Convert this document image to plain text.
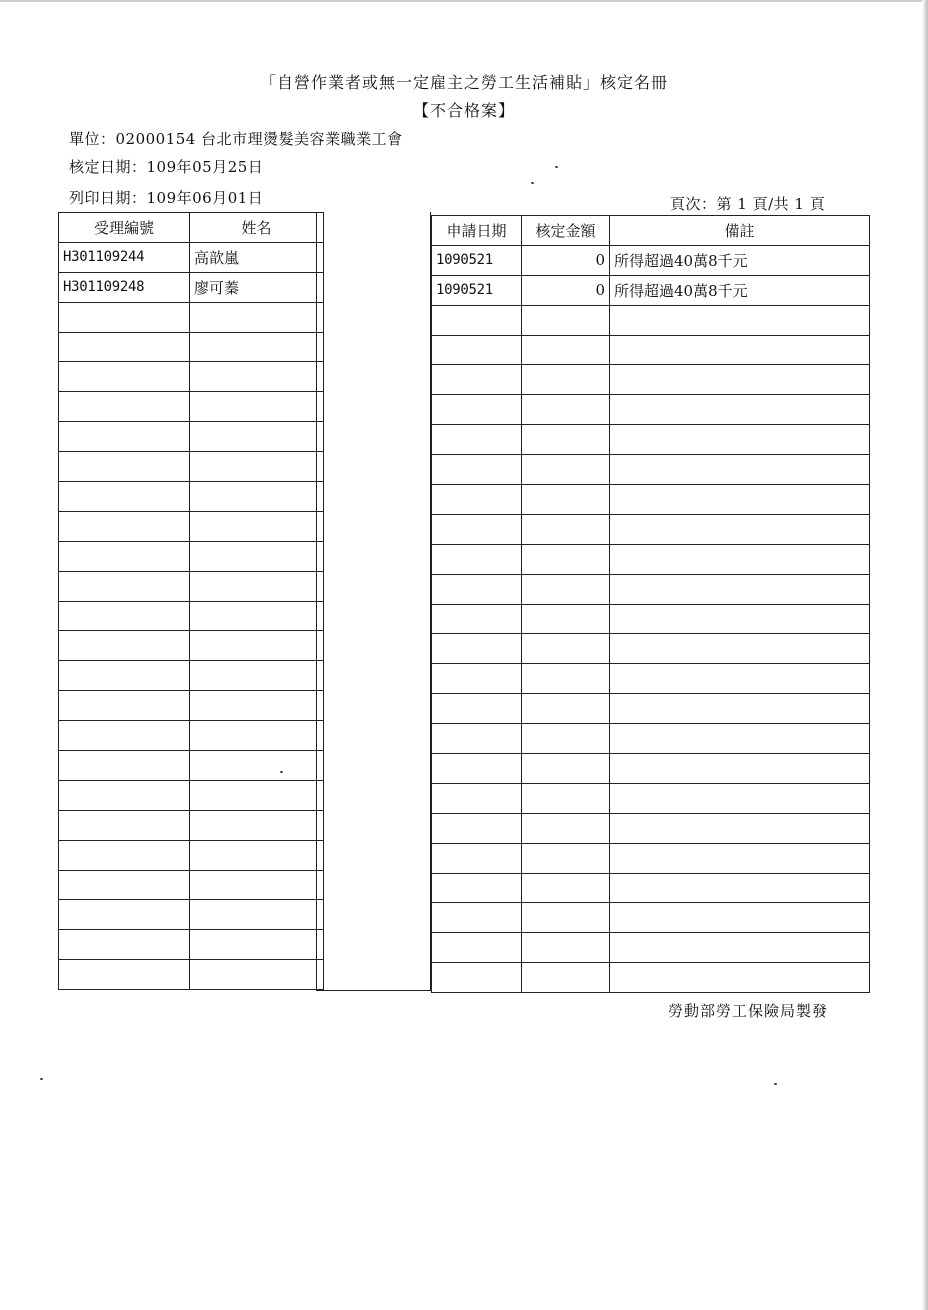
「自營作業者或無一定雇主之勞工生活補貼」核定名冊
【不合格案】
單位：02000154 台北市理燙髮美容業職業工會
核定日期：109年05月25日
列印日期：109年06月01日	頁次：第 1 頁/共 1 頁
受理編號	姓名
H301109244	高歆嵐
H301109248	廖可蓁

申請日期	核定金額	備註
1090521	0	所得超過40萬8千元
1090521	0	所得超過40萬8千元

勞動部勞工保險局製發
